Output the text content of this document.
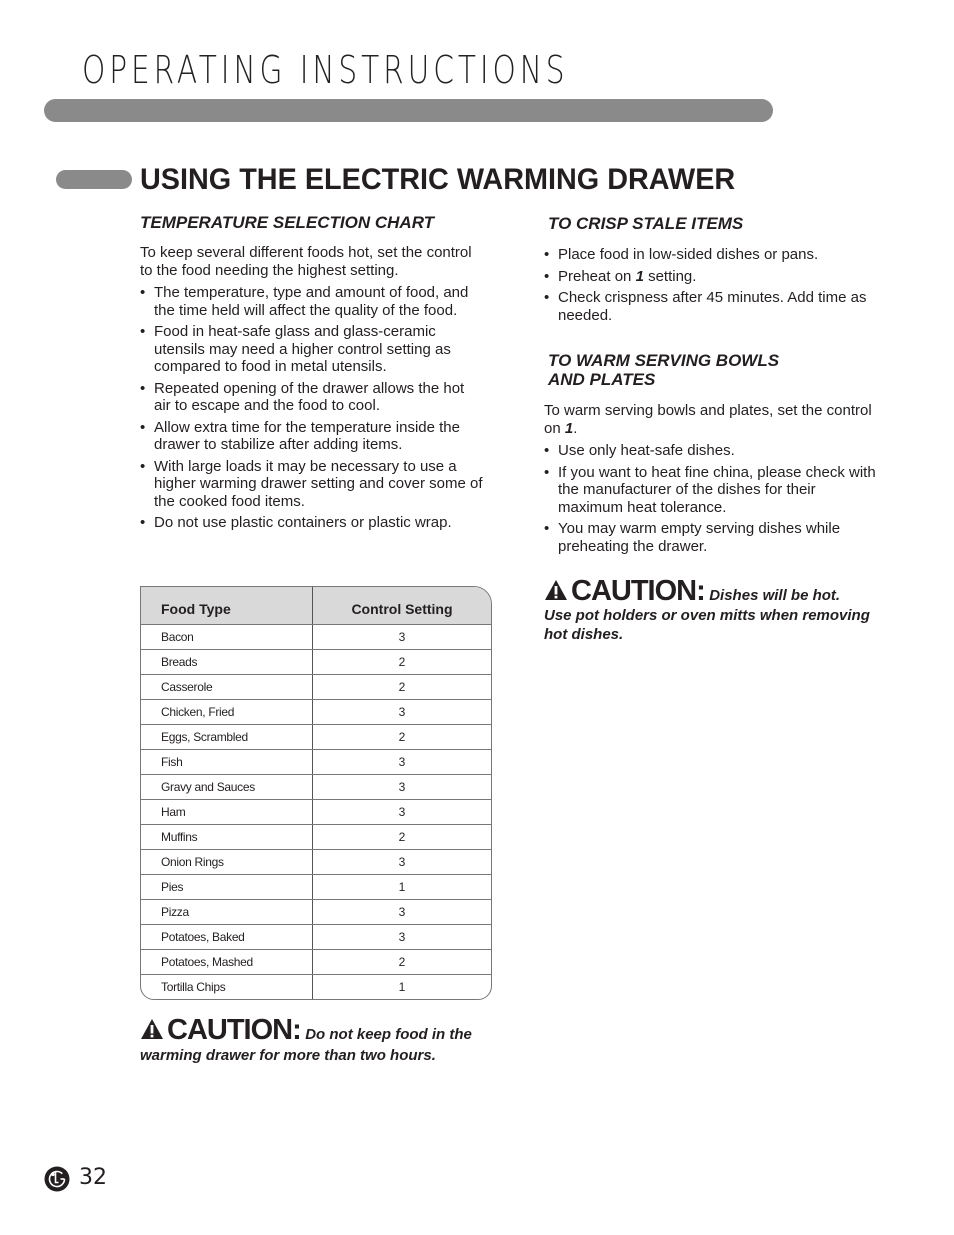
OPERATING INSTRUCTIONS
USING THE ELECTRIC WARMING DRAWER
TEMPERATURE SELECTION CHART
To keep several different foods hot, set the control to the food needing the highest setting.
• The temperature, type and amount of food, and the time held will affect the quality of the food.
• Food in heat-safe glass and glass-ceramic utensils may need a higher control setting as compared to food in metal utensils.
• Repeated opening of the drawer allows the hot air to escape and the food to cool.
• Allow extra time for the temperature inside the drawer to stabilize after adding items.
• With large loads it may be necessary to use a higher warming drawer setting and cover some of the cooked food items.
• Do not use plastic containers or plastic wrap.
Food Type	Control Setting
Bacon	3
Breads	2
Casserole	2
Chicken, Fried	3
Eggs, Scrambled	2
Fish	3
Gravy and Sauces	3
Ham	3
Muffins	2
Onion Rings	3
Pies	1
Pizza	3
Potatoes, Baked	3
Potatoes, Mashed	2
Tortilla Chips	1
CAUTION: Do not keep food in the
warming drawer for more than two hours.
TO CRISP STALE ITEMS
• Place food in low-sided dishes or pans.
• Preheat on 1 setting.
• Check crispness after 45 minutes. Add time as needed.
TO WARM SERVING BOWLS
AND PLATES
To warm serving bowls and plates, set the control on 1.
• Use only heat-safe dishes.
• If you want to heat fine china, please check with the manufacturer of the dishes for their maximum heat tolerance.
• You may warm empty serving dishes while preheating the drawer.
CAUTION: Dishes will be hot.
Use pot holders or oven mitts when removing hot dishes.
32
